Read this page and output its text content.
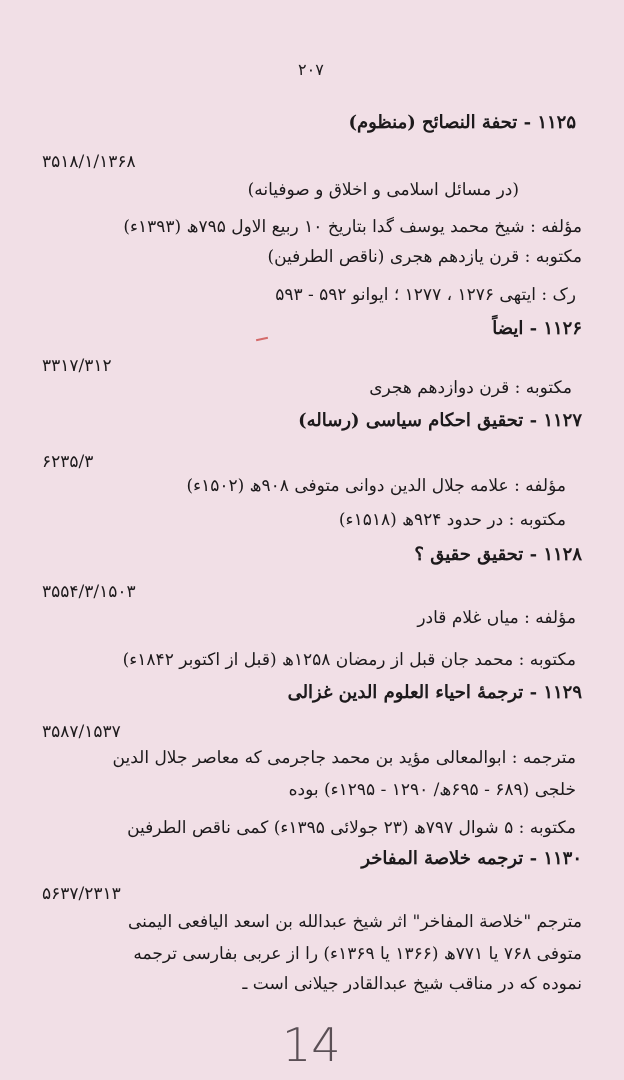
۲۰۷
۱۱۲۵ - تحفة النصائح (منظوم)
۳۵۱۸/۱/۱۳۶۸
(در مسائل اسلامی و اخلاق و صوفیانه)
مؤلفه : شیخ محمد یوسف گدا بتاریخ ۱۰ ربیع الاول ۷۹۵ھ (۱۳۹۳ء)
مکتوبه : قرن یازدهم هجری (ناقص الطرفین)
رک : ایتهی ۱۲۷۶ ، ۱۲۷۷ ؛ ایوانو ۵۹۲ - ۵۹۳
۱۱۲۶ - ایضاً
۳۳۱۷/۳۱۲
مکتوبه : قرن دوازدهم هجری
۱۱۲۷ - تحقیق احکام سیاسی (رساله)
۶۲۳۵/۳
مؤلفه : علامه جلال الدین دوانی متوفی ۹۰۸ھ (۱۵۰۲ء)
مکتوبه : در حدود ۹۲۴ھ (۱۵۱۸ء)
۱۱۲۸ - تحقیق حقیق ؟
۳۵۵۴/۳/۱۵۰۳
مؤلفه : میاں غلام قادر
مکتوبه : محمد جان قبل از رمضان ۱۲۵۸ھ (قبل از اکتوبر ۱۸۴۲ء)
۱۱۲۹ - ترجمهٔ احیاء العلوم الدین غزالی
۳۵۸۷/۱۵۳۷
مترجمه : ابوالمعالی مؤید بن محمد جاجرمی که معاصر جلال الدین
خلجی (۶۸۹ - ۶۹۵ھ/ ۱۲۹۰ - ۱۲۹۵ء) بوده
مکتوبه : ۵ شوال ۷۹۷ھ (۲۳ جولائی ۱۳۹۵ء) کمی ناقص الطرفین
۱۱۳۰ - ترجمه خلاصة المفاخر
۵۶۳۷/۲۳۱۳
مترجم "خلاصة المفاخر" اثر شیخ عبدالله بن اسعد الیافعی الیمنی
متوفی ۷۶۸ یا ۷۷۱ھ (۱۳۶۶ یا ۱۳۶۹ء) را از عربی بفارسی ترجمه
نموده که در مناقب شیخ عبدالقادر جیلانی است ـ
14
